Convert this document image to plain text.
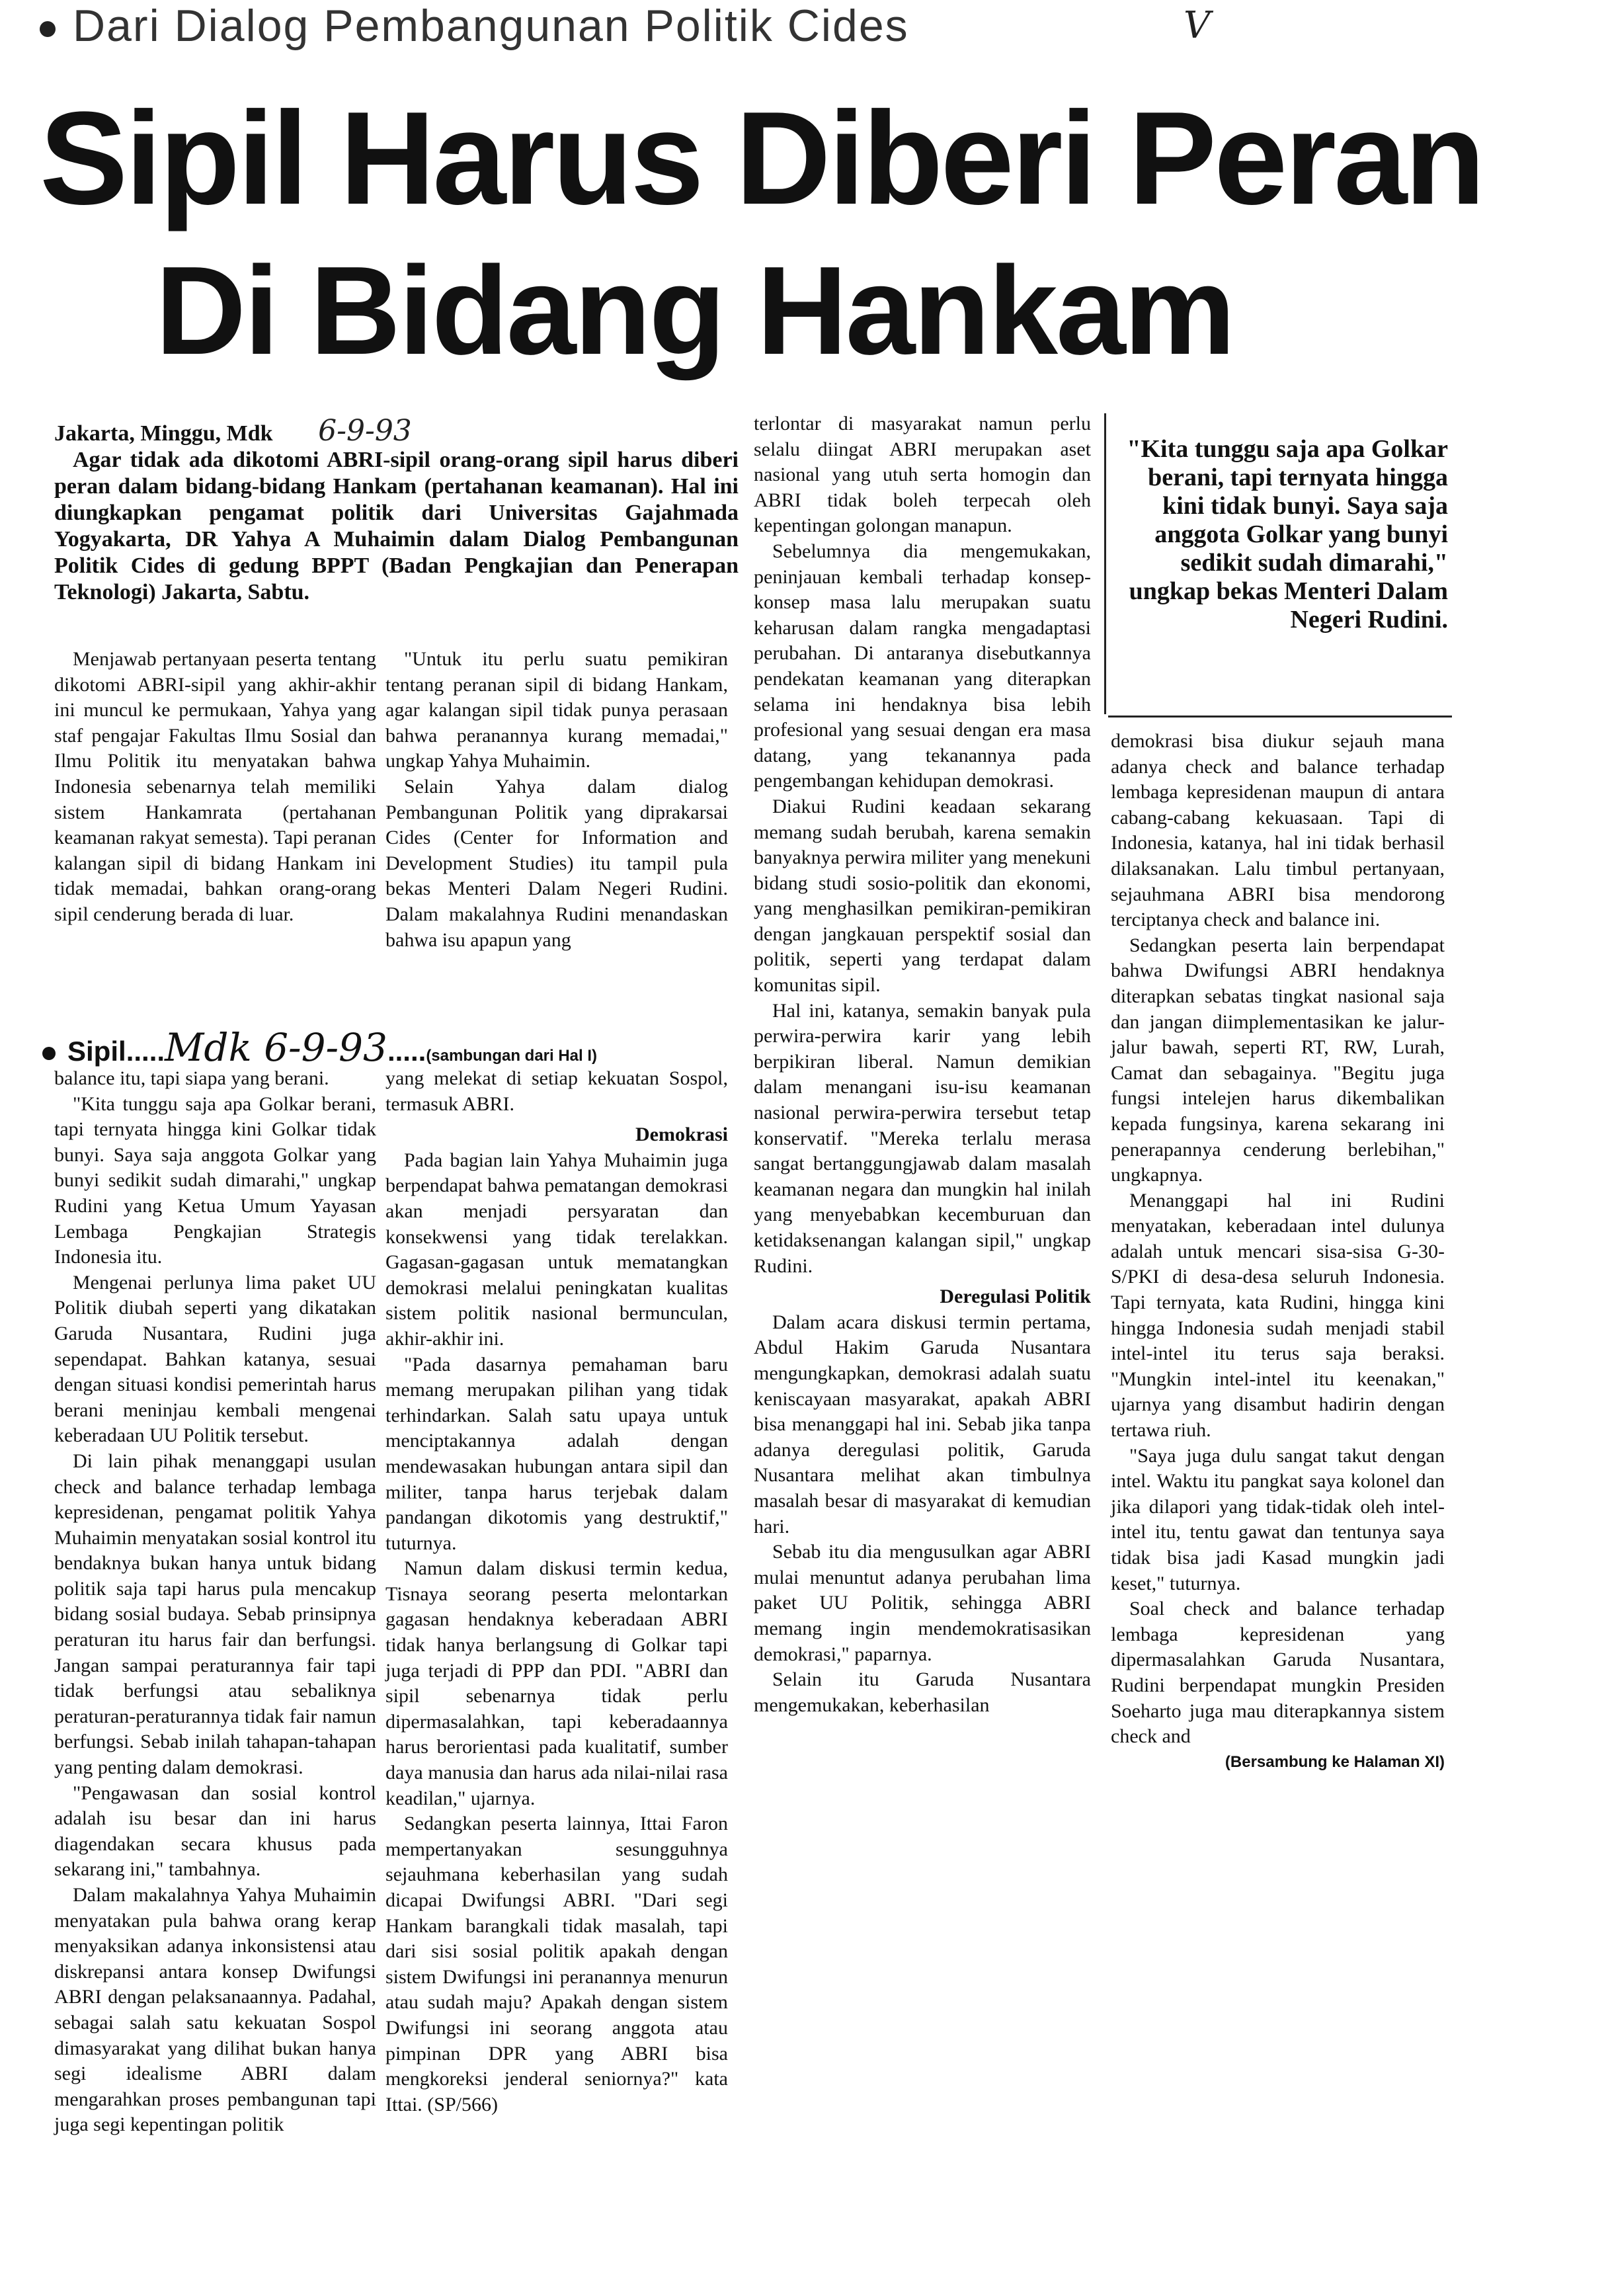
Dari Dialog Pembangunan Politik Cides	V
Sipil Harus Diberi Peran
Di Bidang Hankam
Jakarta, Minggu, Mdk 6-9-93
Agar tidak ada dikotomi ABRI-sipil orang-orang sipil harus diberi peran dalam bidang-bidang Hankam (pertahanan keamanan). Hal ini diungkapkan pengamat politik dari Universitas Gajahmada Yogyakarta, DR Yahya A Muhaimin dalam Dialog Pembangunan Politik Cides di gedung BPPT (Badan Pengkajian dan Penerapan Teknologi) Jakarta, Sabtu.
"Kita tunggu saja apa Golkar berani, tapi ternyata hingga kini tidak bunyi. Saya saja anggota Golkar yang bunyi sedikit sudah dimarahi," ungkap bekas Menteri Dalam Negeri Rudini.

Menjawab pertanyaan peserta tentang dikotomi ABRI-sipil yang akhir-akhir ini muncul ke permukaan, Yahya yang staf pengajar Fakultas Ilmu Sosial dan Ilmu Politik itu menyatakan bahwa Indonesia sebenarnya telah memiliki sistem Hankamrata (pertahanan keamanan rakyat semesta). Tapi peranan kalangan sipil di bidang Hankam ini tidak memadai, bahkan orang-orang sipil cenderung berada di luar.

"Untuk itu perlu suatu pemikiran tentang peranan sipil di bidang Hankam, agar kalangan sipil tidak punya perasaan bahwa peranannya kurang memadai," ungkap Yahya Muhaimin.

Selain Yahya dalam dialog Pembangunan Politik yang diprakarsai Cides (Center for Information and Development Studies) itu tampil pula bekas Menteri Dalam Negeri Rudini. Dalam makalahnya Rudini menandaskan bahwa isu apapun yang

terlontar di masyarakat namun perlu selalu diingat ABRI merupakan aset nasional yang utuh serta homogin dan ABRI tidak boleh terpecah oleh kepentingan golongan manapun.

Sebelumnya dia mengemukakan, peninjauan kembali terhadap konsep-konsep masa lalu merupakan suatu keharusan dalam rangka mengadaptasi perubahan. Di antaranya disebutkannya pendekatan keamanan yang diterapkan selama ini hendaknya bisa lebih profesional yang sesuai dengan era masa datang, yang tekanannya pada pengembangan kehidupan demokrasi.

Diakui Rudini keadaan sekarang memang sudah berubah, karena semakin banyaknya perwira militer yang menekuni bidang studi sosio-politik dan ekonomi, yang menghasilkan pemikiran-pemikiran dengan jangkauan perspektif sosial dan politik, seperti yang terdapat dalam komunitas sipil.

Hal ini, katanya, semakin banyak pula perwira-perwira karir yang lebih berpikiran liberal. Namun demikian dalam menangani isu-isu keamanan nasional perwira-perwira tersebut tetap konservatif. "Mereka terlalu merasa sangat bertanggungjawab dalam masalah keamanan negara dan mungkin hal inilah yang menyebabkan kecemburuan dan ketidaksenangan kalangan sipil," ungkap Rudini.

Deregulasi Politik

Dalam acara diskusi termin pertama, Abdul Hakim Garuda Nusantara mengungkapkan, demokrasi adalah suatu keniscayaan masyarakat, apakah ABRI bisa menanggapi hal ini. Sebab jika tanpa adanya deregulasi politik, Garuda Nusantara melihat akan timbulnya masalah besar di masyarakat di kemudian hari.

Sebab itu dia mengusulkan agar ABRI mulai menuntut adanya perubahan lima paket UU Politik, sehingga ABRI memang ingin mendemokratisasikan demokrasi," paparnya.

Selain itu Garuda Nusantara mengemukakan, keberhasilan

demokrasi bisa diukur sejauh mana adanya check and balance terhadap lembaga kepresidenan maupun di antara cabang-cabang kekuasaan. Tapi di Indonesia, katanya, hal ini tidak berhasil dilaksanakan. Lalu timbul pertanyaan, sejauhmana ABRI bisa mendorong terciptanya check and balance ini.

Sedangkan peserta lain berpendapat bahwa Dwifungsi ABRI hendaknya diterapkan sebatas tingkat nasional saja dan jangan diimplementasikan ke jalur-jalur bawah, seperti RT, RW, Lurah, Camat dan sebagainya. "Begitu juga fungsi intelejen harus dikembalikan kepada fungsinya, karena sekarang ini penerapannya cenderung berlebihan," ungkapnya.

Menanggapi hal ini Rudini menyatakan, keberadaan intel dulunya adalah untuk mencari sisa-sisa G-30-S/PKI di desa-desa seluruh Indonesia. Tapi ternyata, kata Rudini, hingga kini hingga Indonesia sudah menjadi stabil intel-intel itu terus saja beraksi. "Mungkin intel-intel itu keenakan," ujarnya yang disambut hadirin dengan tertawa riuh.

"Saya juga dulu sangat takut dengan intel. Waktu itu pangkat saya kolonel dan jika dilapori yang tidak-tidak oleh intel-intel itu, tentu gawat dan tentunya saya tidak bisa jadi Kasad mungkin jadi keset," tuturnya.

Soal check and balance terhadap lembaga kepresidenan yang dipermasalahkan Garuda Nusantara, Rudini berpendapat mungkin Presiden Soeharto juga mau diterapkannya sistem check and

(Bersambung ke Halaman XI)

Sipil.....Mdk 6-9-93.....(sambungan dari Hal I)

balance itu, tapi siapa yang berani.

"Kita tunggu saja apa Golkar berani, tapi ternyata hingga kini Golkar tidak bunyi. Saya saja anggota Golkar yang bunyi sedikit sudah dimarahi," ungkap Rudini yang Ketua Umum Yayasan Lembaga Pengkajian Strategis Indonesia itu.

Mengenai perlunya lima paket UU Politik diubah seperti yang dikatakan Garuda Nusantara, Rudini juga sependapat. Bahkan katanya, sesuai dengan situasi kondisi pemerintah harus berani meninjau kembali mengenai keberadaan UU Politik tersebut.

Di lain pihak menanggapi usulan check and balance terhadap lembaga kepresidenan, pengamat politik Yahya Muhaimin menyatakan sosial kontrol itu bendaknya bukan hanya untuk bidang politik saja tapi harus pula mencakup bidang sosial budaya. Sebab prinsipnya peraturan itu harus fair dan berfungsi. Jangan sampai peraturannya fair tapi tidak berfungsi atau sebaliknya peraturan-peraturannya tidak fair namun berfungsi. Sebab inilah tahapan-tahapan yang penting dalam demokrasi.

"Pengawasan dan sosial kontrol adalah isu besar dan ini harus diagendakan secara khusus pada sekarang ini," tambahnya.

Dalam makalahnya Yahya Muhaimin menyatakan pula bahwa orang kerap menyaksikan adanya inkonsistensi atau diskrepansi antara konsep Dwifungsi ABRI dengan pelaksanaannya. Padahal, sebagai salah satu kekuatan Sospol dimasyarakat yang dilihat bukan hanya segi idealisme ABRI dalam mengarahkan proses pembangunan tapi juga segi kepentingan politik

yang melekat di setiap kekuatan Sospol, termasuk ABRI.

Demokrasi

Pada bagian lain Yahya Muhaimin juga berpendapat bahwa pematangan demokrasi akan menjadi persyaratan dan konsekwensi yang tidak terelakkan. Gagasan-gagasan untuk mematangkan demokrasi melalui peningkatan kualitas sistem politik nasional bermunculan, akhir-akhir ini.

"Pada dasarnya pemahaman baru memang merupakan pilihan yang tidak terhindarkan. Salah satu upaya untuk menciptakannya adalah dengan mendewasakan hubungan antara sipil dan militer, tanpa harus terjebak dalam pandangan dikotomis yang destruktif," tuturnya.

Namun dalam diskusi termin kedua, Tisnaya seorang peserta melontarkan gagasan hendaknya keberadaan ABRI tidak hanya berlangsung di Golkar tapi juga terjadi di PPP dan PDI. "ABRI dan sipil sebenarnya tidak perlu dipermasalahkan, tapi keberadaannya harus berorientasi pada kualitatif, sumber daya manusia dan harus ada nilai-nilai rasa keadilan," ujarnya.

Sedangkan peserta lainnya, Ittai Faron mempertanyakan sesungguhnya sejauhmana keberhasilan yang sudah dicapai Dwifungsi ABRI. "Dari segi Hankam barangkali tidak masalah, tapi dari sisi sosial politik apakah dengan sistem Dwifungsi ini peranannya menurun atau sudah maju? Apakah dengan sistem Dwifungsi ini seorang anggota atau pimpinan DPR yang ABRI bisa mengkoreksi jenderal seniornya?" kata Ittai. (SP/566)
